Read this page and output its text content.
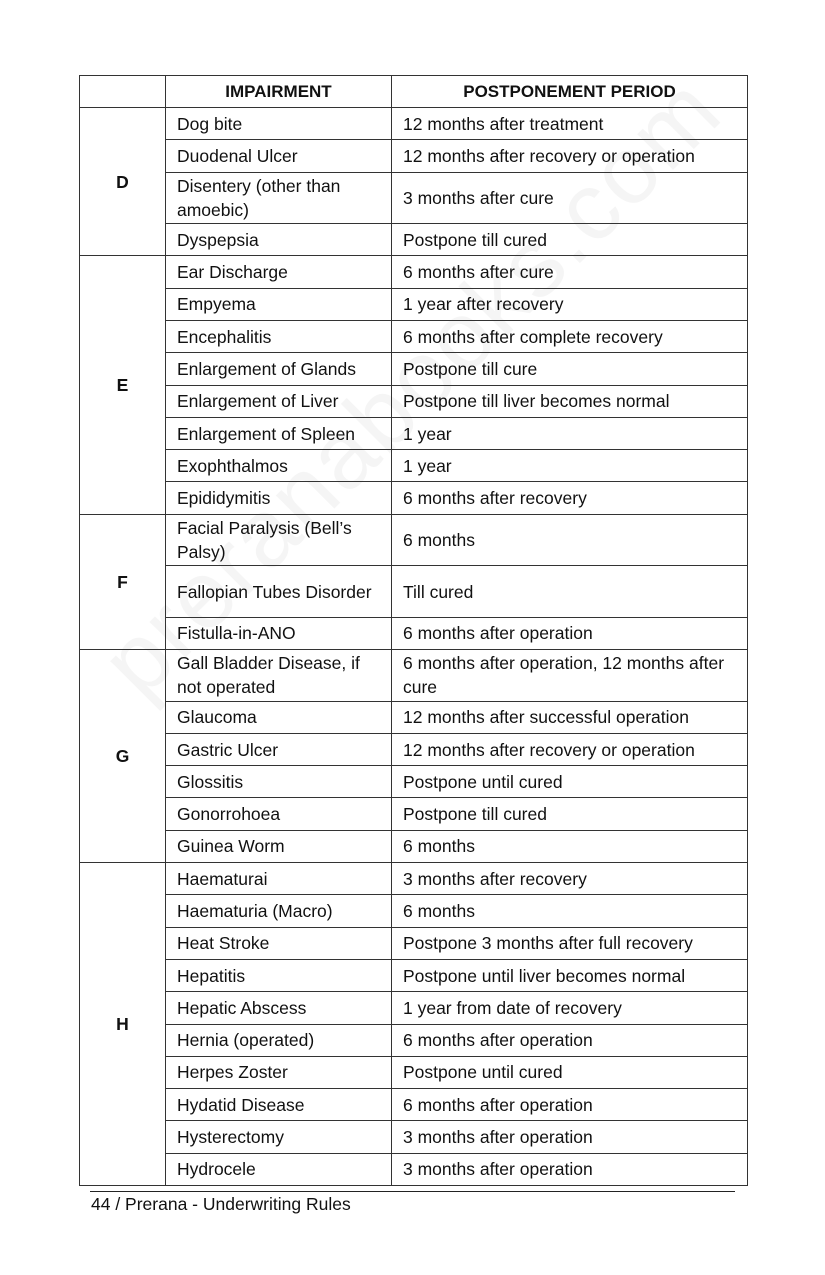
	IMPAIRMENT	POSTPONEMENT PERIOD
D	Dog bite	12 months after treatment
	Duodenal Ulcer	12 months after recovery or operation
	Disentery (other than amoebic)	3 months after cure
	Dyspepsia	Postpone till cured
E	Ear Discharge	6 months after cure
	Empyema	1 year after recovery
	Encephalitis	6 months after complete recovery
	Enlargement of Glands	Postpone till cure
	Enlargement of Liver	Postpone till liver becomes normal
	Enlargement of Spleen	1 year
	Exophthalmos	1 year
	Epididymitis	6 months after recovery
F	Facial Paralysis (Bell’s Palsy)	6 months
	Fallopian Tubes Disorder	Till cured
	Fistulla-in-ANO	6 months after operation
G	Gall Bladder Disease, if not operated	6 months after operation, 12 months after cure
	Glaucoma	12 months after successful operation
	Gastric Ulcer	12 months after recovery or operation
	Glossitis	Postpone until cured
	Gonorrohoea	Postpone till cured
	Guinea Worm	6 months
H	Haematurai	3 months after recovery
	Haematuria (Macro)	6 months
	Heat Stroke	Postpone 3 months after full recovery
	Hepatitis	Postpone until liver becomes normal
	Hepatic Abscess	1 year from date of recovery
	Hernia (operated)	6 months after operation
	Herpes Zoster	Postpone until cured
	Hydatid Disease	6 months after operation
	Hysterectomy	3 months after operation
	Hydrocele	3 months after operation
44 / Prerana - Underwriting Rules
